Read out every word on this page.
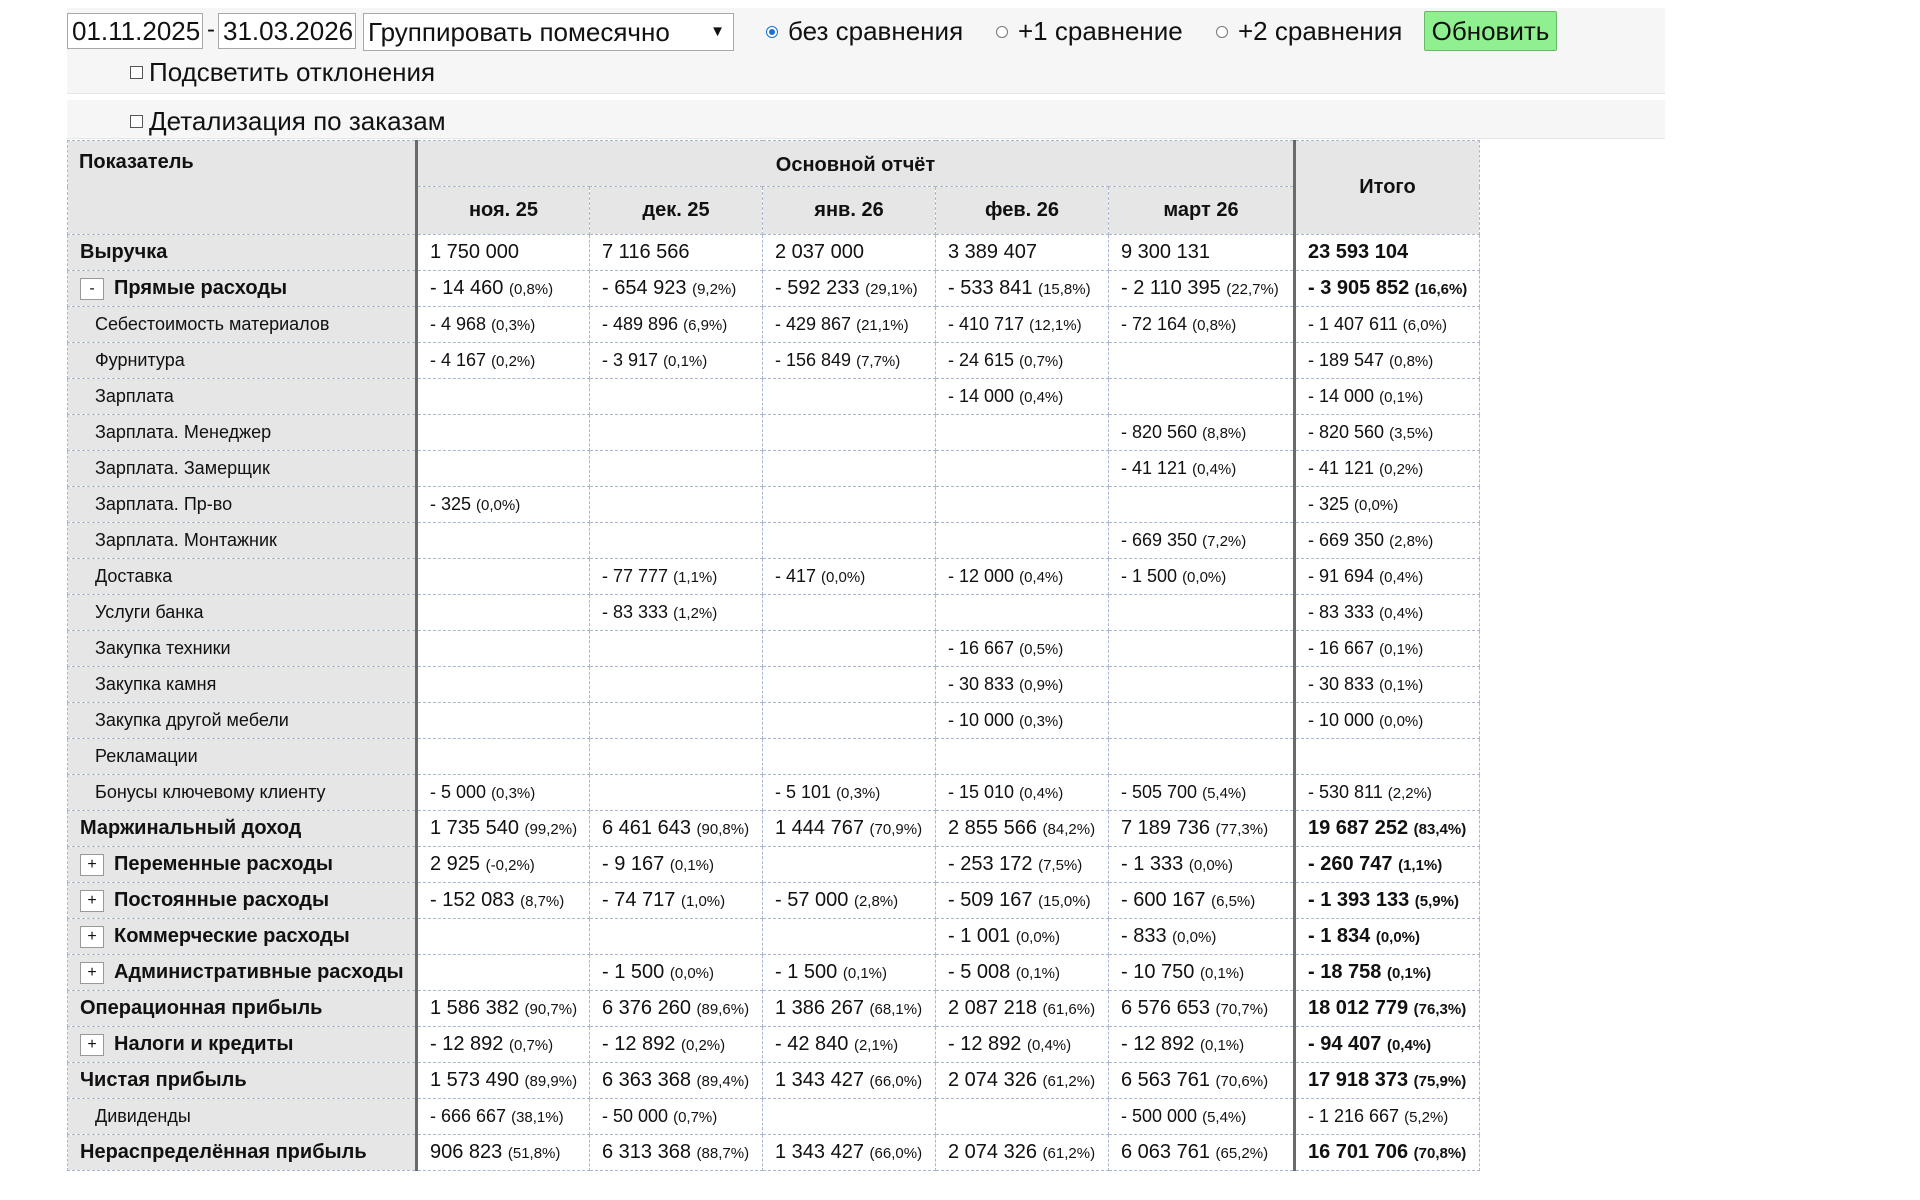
01.11.2025 - 31.03.2026 Группировать помесячно	▼ без сравнения +1 сравнение +2 сравнения Обновить
Подсветить отклонения
Детализация по заказам
Показатель	Основной отчёт					Итого
	ноя. 25	дек. 25	янв. 26	фев. 26	март 26	
Выручка	1 750 000	7 116 566	2 037 000	3 389 407	9 300 131	23 593 104
- Прямые расходы	- 14 460 (0,8%)	- 654 923 (9,2%)	- 592 233 (29,1%)	- 533 841 (15,8%)	- 2 110 395 (22,7%)	- 3 905 852 (16,6%)
Себестоимость материалов	- 4 968 (0,3%)	- 489 896 (6,9%)	- 429 867 (21,1%)	- 410 717 (12,1%)	- 72 164 (0,8%)	- 1 407 611 (6,0%)
Фурнитура	- 4 167 (0,2%)	- 3 917 (0,1%)	- 156 849 (7,7%)	- 24 615 (0,7%)		- 189 547 (0,8%)
Зарплата				- 14 000 (0,4%)		- 14 000 (0,1%)
Зарплата. Менеджер					- 820 560 (8,8%)	- 820 560 (3,5%)
Зарплата. Замерщик					- 41 121 (0,4%)	- 41 121 (0,2%)
Зарплата. Пр-во	- 325 (0,0%)					- 325 (0,0%)
Зарплата. Монтажник					- 669 350 (7,2%)	- 669 350 (2,8%)
Доставка		- 77 777 (1,1%)	- 417 (0,0%)	- 12 000 (0,4%)	- 1 500 (0,0%)	- 91 694 (0,4%)
Услуги банка		- 83 333 (1,2%)				- 83 333 (0,4%)
Закупка техники				- 16 667 (0,5%)		- 16 667 (0,1%)
Закупка камня				- 30 833 (0,9%)		- 30 833 (0,1%)
Закупка другой мебели				- 10 000 (0,3%)		- 10 000 (0,0%)
Рекламации						
Бонусы ключевому клиенту	- 5 000 (0,3%)		- 5 101 (0,3%)	- 15 010 (0,4%)	- 505 700 (5,4%)	- 530 811 (2,2%)
Маржинальный доход	1 735 540 (99,2%)	6 461 643 (90,8%)	1 444 767 (70,9%)	2 855 566 (84,2%)	7 189 736 (77,3%)	19 687 252 (83,4%)
+ Переменные расходы	2 925 (-0,2%)	- 9 167 (0,1%)		- 253 172 (7,5%)	- 1 333 (0,0%)	- 260 747 (1,1%)
+ Постоянные расходы	- 152 083 (8,7%)	- 74 717 (1,0%)	- 57 000 (2,8%)	- 509 167 (15,0%)	- 600 167 (6,5%)	- 1 393 133 (5,9%)
+ Коммерческие расходы				- 1 001 (0,0%)	- 833 (0,0%)	- 1 834 (0,0%)
+ Административные расходы		- 1 500 (0,0%)	- 1 500 (0,1%)	- 5 008 (0,1%)	- 10 750 (0,1%)	- 18 758 (0,1%)
Операционная прибыль	1 586 382 (90,7%)	6 376 260 (89,6%)	1 386 267 (68,1%)	2 087 218 (61,6%)	6 576 653 (70,7%)	18 012 779 (76,3%)
+ Налоги и кредиты	- 12 892 (0,7%)	- 12 892 (0,2%)	- 42 840 (2,1%)	- 12 892 (0,4%)	- 12 892 (0,1%)	- 94 407 (0,4%)
Чистая прибыль	1 573 490 (89,9%)	6 363 368 (89,4%)	1 343 427 (66,0%)	2 074 326 (61,2%)	6 563 761 (70,6%)	17 918 373 (75,9%)
Дивиденды	- 666 667 (38,1%)	- 50 000 (0,7%)			- 500 000 (5,4%)	- 1 216 667 (5,2%)
Нераспределённая прибыль	906 823 (51,8%)	6 313 368 (88,7%)	1 343 427 (66,0%)	2 074 326 (61,2%)	6 063 761 (65,2%)	16 701 706 (70,8%)
